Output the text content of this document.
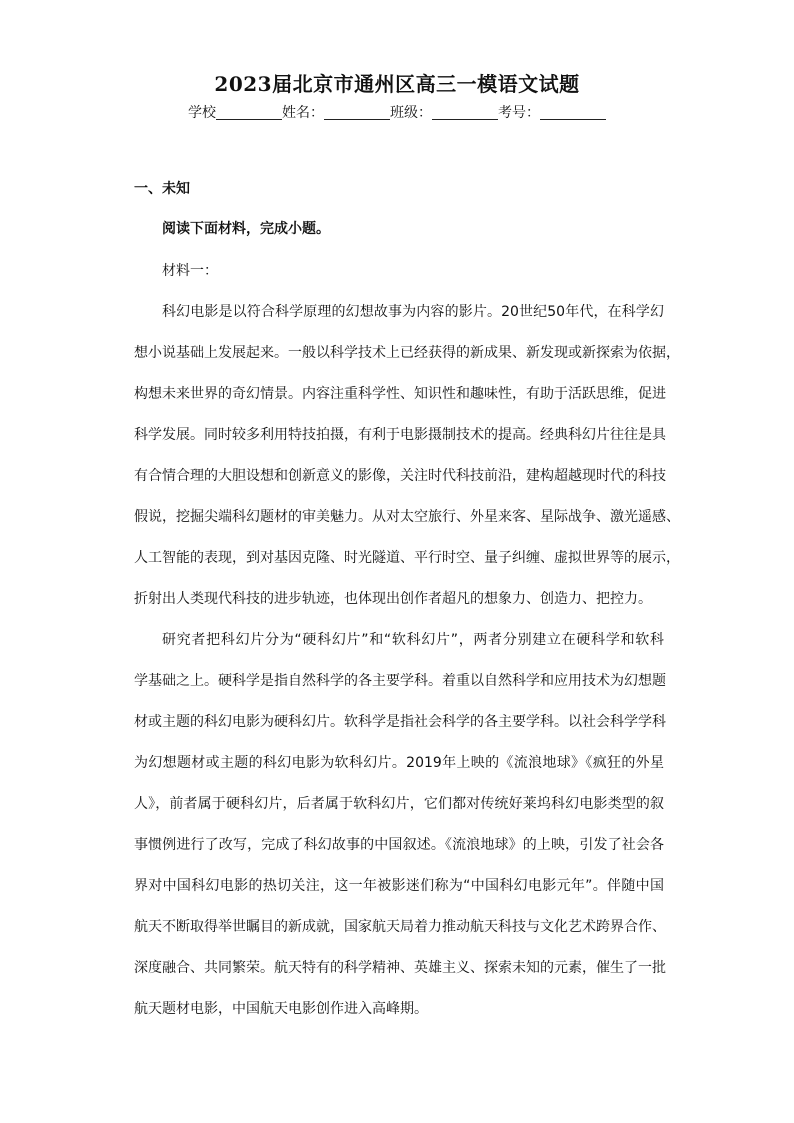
2023届北京市通州区高三一模语文试题
学校	姓名：	班级：	考号：
一、未知
阅读下面材料，完成小题。
材料一：
科幻电影是以符合科学原理的幻想故事为内容的影片。20世纪50年代，在科学幻
想小说基础上发展起来。一般以科学技术上已经获得的新成果、新发现或新探索为依据，
构想未来世界的奇幻情景。内容注重科学性、知识性和趣味性，有助于活跃思维，促进
科学发展。同时较多利用特技拍摄，有利于电影摄制技术的提高。经典科幻片往往是具
有合情合理的大胆设想和创新意义的影像，关注时代科技前沿，建构超越现时代的科技
假说，挖掘尖端科幻题材的审美魅力。从对太空旅行、外星来客、星际战争、激光遥感、
人工智能的表现，到对基因克隆、时光隧道、平行时空、量子纠缠、虚拟世界等的展示，
折射出人类现代科技的进步轨迹，也体现出创作者超凡的想象力、创造力、把控力。
研究者把科幻片分为“硬科幻片”和“软科幻片”，两者分别建立在硬科学和软科
学基础之上。硬科学是指自然科学的各主要学科。着重以自然科学和应用技术为幻想题
材或主题的科幻电影为硬科幻片。软科学是指社会科学的各主要学科。以社会科学学科
为幻想题材或主题的科幻电影为软科幻片。2019年上映的《流浪地球》《疯狂的外星
人》，前者属于硬科幻片，后者属于软科幻片，它们都对传统好莱坞科幻电影类型的叙
事惯例进行了改写，完成了科幻故事的中国叙述。《流浪地球》的上映，引发了社会各
界对中国科幻电影的热切关注，这一年被影迷们称为“中国科幻电影元年”。伴随中国
航天不断取得举世瞩目的新成就，国家航天局着力推动航天科技与文化艺术跨界合作、
深度融合、共同繁荣。航天特有的科学精神、英雄主义、探索未知的元素，催生了一批
航天题材电影，中国航天电影创作进入高峰期。
